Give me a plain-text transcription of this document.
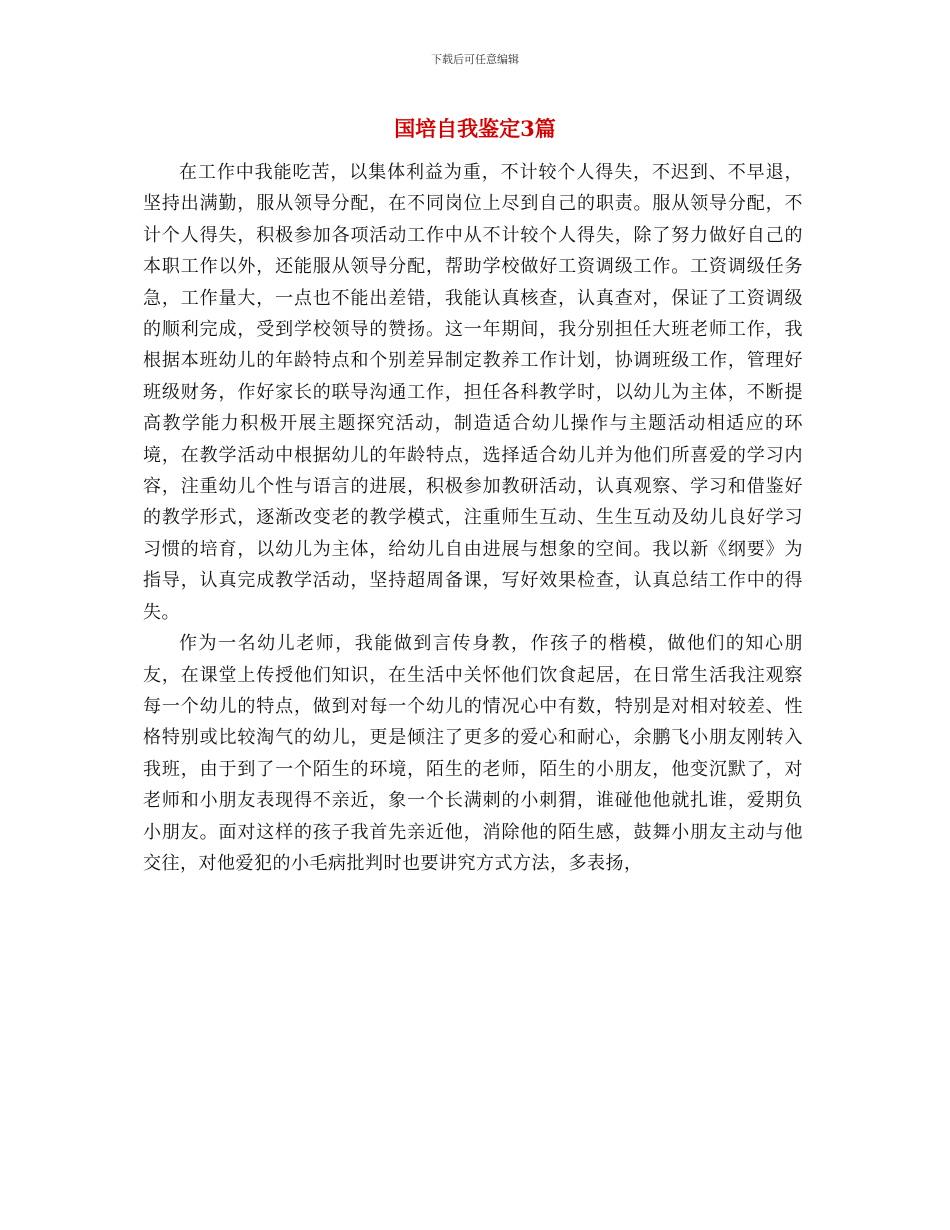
下载后可任意编辑
国培自我鉴定3篇

在工作中我能吃苦，以集体利益为重，不计较个人得失，不迟到、不早退，坚持出满勤，服从领导分配，在不同岗位上尽到自己的职责。服从领导分配，不计个人得失，积极参加各项活动工作中从不计较个人得失，除了努力做好自己的本职工作以外，还能服从领导分配，帮助学校做好工资调级工作。工资调级任务急，工作量大，一点也不能出差错，我能认真核查，认真查对，保证了工资调级的顺利完成，受到学校领导的赞扬。这一年期间，我分别担任大班老师工作，我根据本班幼儿的年龄特点和个别差异制定教养工作计划，协调班级工作，管理好班级财务，作好家长的联导沟通工作，担任各科教学时，以幼儿为主体，不断提高教学能力积极开展主题探究活动，制造适合幼儿操作与主题活动相适应的环境，在教学活动中根据幼儿的年龄特点，选择适合幼儿并为他们所喜爱的学习内容，注重幼儿个性与语言的进展，积极参加教研活动，认真观察、学习和借鉴好的教学形式，逐渐改变老的教学模式，注重师生互动、生生互动及幼儿良好学习习惯的培育，以幼儿为主体，给幼儿自由进展与想象的空间。我以新《纲要》为指导，认真完成教学活动，坚持超周备课，写好效果检查，认真总结工作中的得失。

作为一名幼儿老师，我能做到言传身教，作孩子的楷模，做他们的知心朋友，在课堂上传授他们知识，在生活中关怀他们饮食起居，在日常生活我注观察每一个幼儿的特点，做到对每一个幼儿的情况心中有数，特别是对相对较差、性格特别或比较淘气的幼儿，更是倾注了更多的爱心和耐心，余鹏飞小朋友刚转入我班，由于到了一个陌生的环境，陌生的老师，陌生的小朋友，他变沉默了，对老师和小朋友表现得不亲近，象一个长满刺的小刺猬，谁碰他他就扎谁，爱期负小朋友。面对这样的孩子我首先亲近他，消除他的陌生感，鼓舞小朋友主动与他交往，对他爱犯的小毛病批判时也要讲究方式方法，多表扬，
